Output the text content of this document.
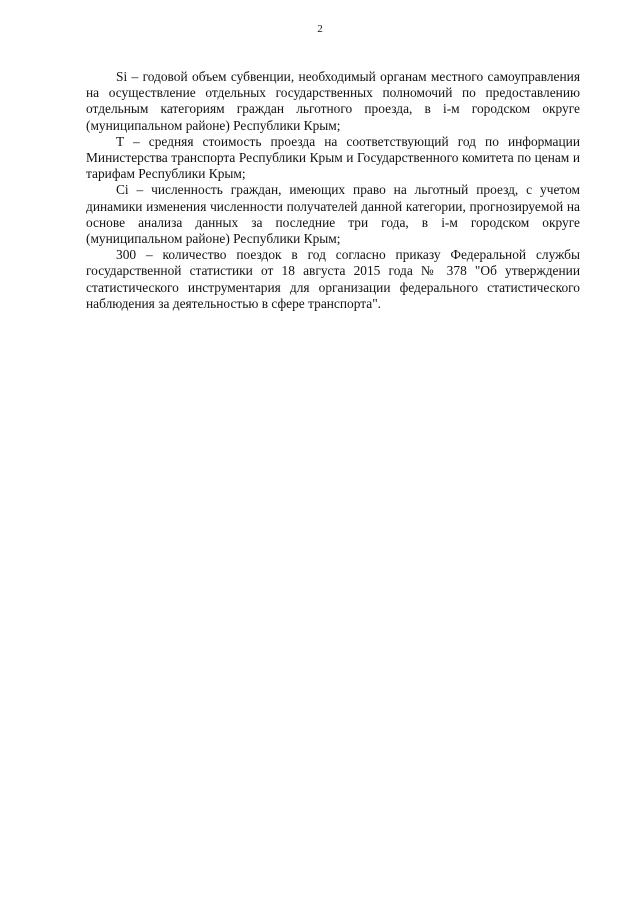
2

Si – годовой объем субвенции, необходимый органам местного самоуправления на осуществление отдельных государственных полномочий по предоставлению отдельным категориям граждан льготного проезда, в i-м городском округе (муниципальном районе) Республики Крым;

T – средняя стоимость проезда на соответствующий год по информации Министерства транспорта Республики Крым и Государственного комитета по ценам и тарифам Республики Крым;

Ci – численность граждан, имеющих право на льготный проезд, с учетом динамики изменения численности получателей данной категории, прогнозируемой на основе анализа данных за последние три года, в i-м городском округе (муниципальном районе) Республики Крым;

300 – количество поездок в год согласно приказу Федеральной службы государственной статистики от 18 августа 2015 года № 378 "Об утверждении статистического инструментария для организации федерального статистического наблюдения за деятельностью в сфере транспорта".
